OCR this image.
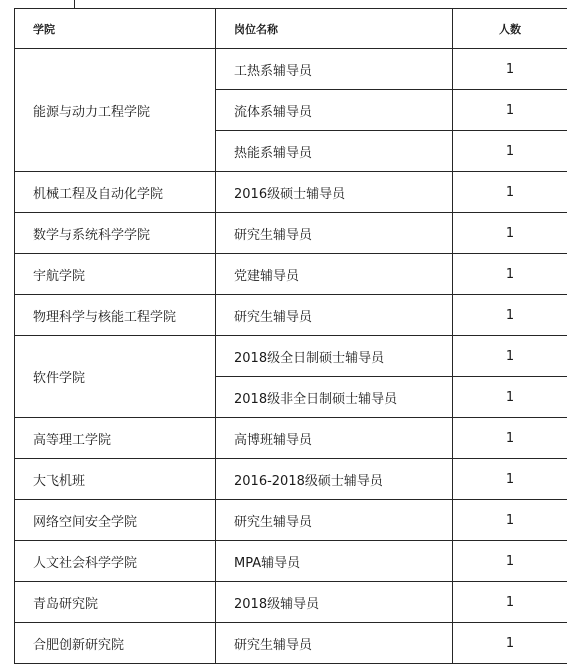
学院	岗位名称	人数
能源与动力工程学院	工热系辅导员	1
	流体系辅导员	1
	热能系辅导员	1
机械工程及自动化学院	2016级硕士辅导员	1
数学与系统科学学院	研究生辅导员	1
宇航学院	党建辅导员	1
物理科学与核能工程学院	研究生辅导员	1
软件学院	2018级全日制硕士辅导员	1
	2018级非全日制硕士辅导员	1
高等理工学院	高博班辅导员	1
大飞机班	2016-2018级硕士辅导员	1
网络空间安全学院	研究生辅导员	1
人文社会科学学院	MPA辅导员	1
青岛研究院	2018级辅导员	1
合肥创新研究院	研究生辅导员	1
